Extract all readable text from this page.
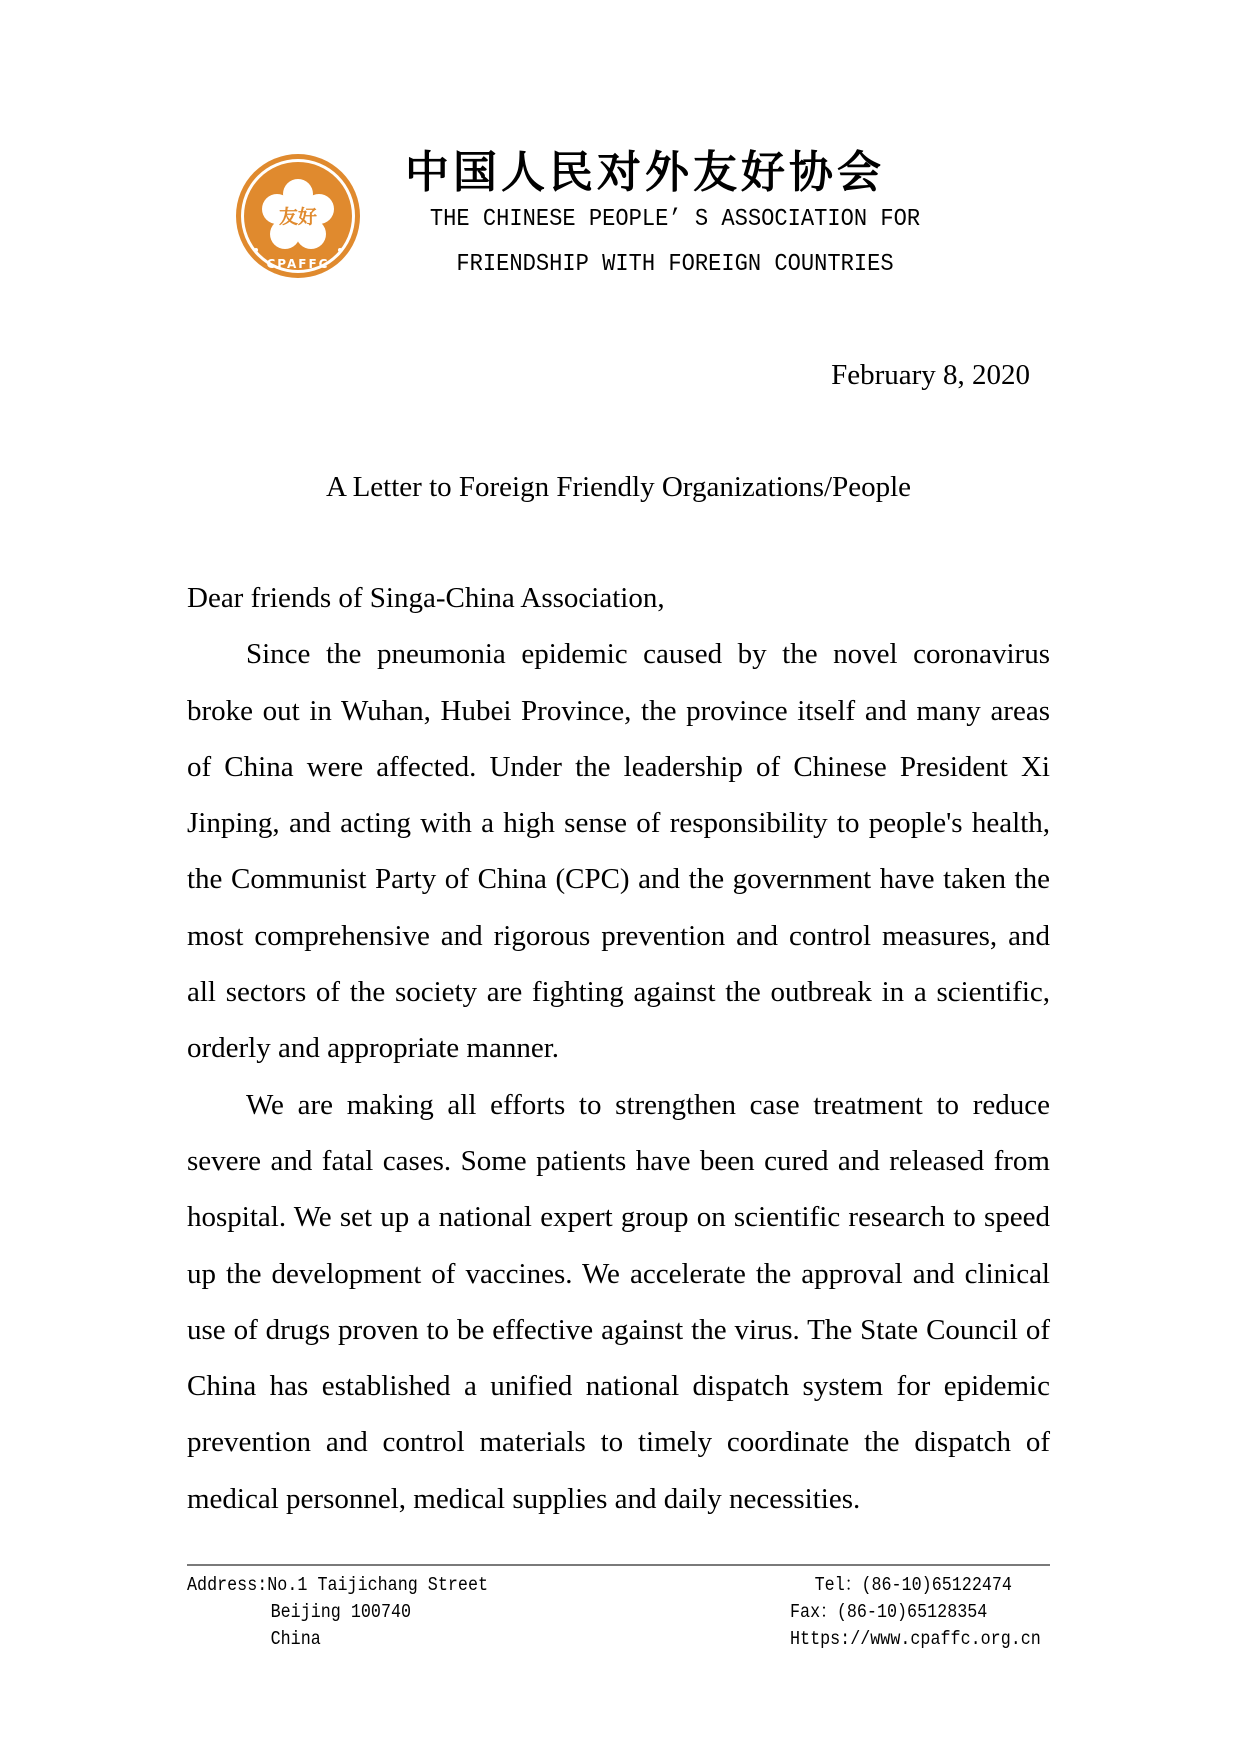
友好
CPAFFC
中国人民对外友好协会
THE CHINESE PEOPLE’ S ASSOCIATION FOR
FRIENDSHIP WITH FOREIGN COUNTRIES
February 8, 2020
A Letter to Foreign Friendly Organizations/People

Dear friends of Singa-China Association,

Since the pneumonia epidemic caused by the novel coronavirus broke out in Wuhan, Hubei Province, the province itself and many areas of China were affected. Under the leadership of Chinese President Xi Jinping, and acting with a high sense of responsibility to people's health, the Communist Party of China (CPC) and the government have taken the most comprehensive and rigorous prevention and control measures, and all sectors of the society are fighting against the outbreak in a scientific, orderly and appropriate manner.

We are making all efforts to strengthen case treatment to reduce severe and fatal cases. Some patients have been cured and released from hospital. We set up a national expert group on scientific research to speed up the development of vaccines. We accelerate the approval and clinical use of drugs proven to be effective against the virus. The State Council of China has established a unified national dispatch system for epidemic prevention and control materials to timely coordinate the dispatch of medical personnel, medical supplies and daily necessities.

Address:No.1 Taijichang Street
Beijing 100740
China
Tel：(86-10)65122474
Fax：(86-10)65128354
Https://www.cpaffc.org.cn
